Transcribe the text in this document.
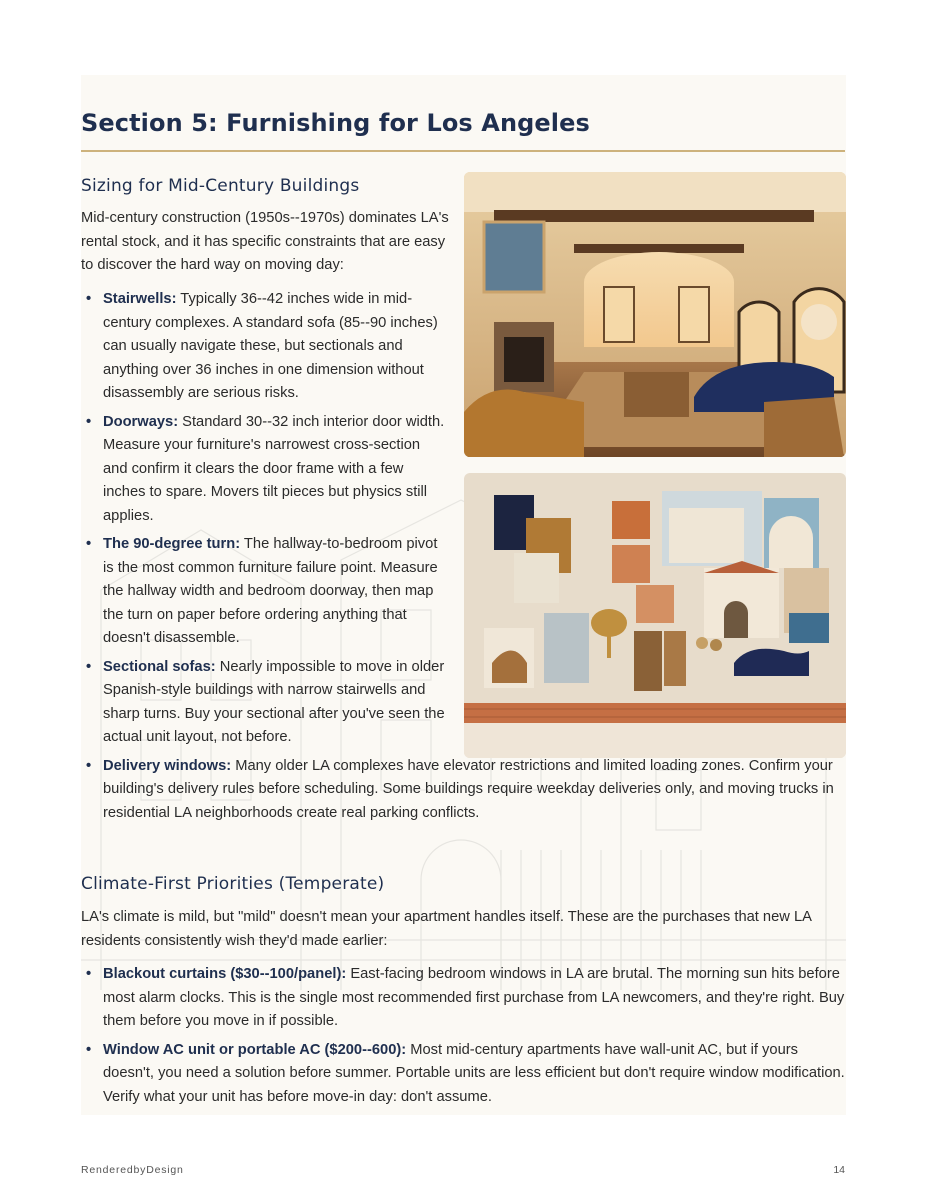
Section 5: Furnishing for Los Angeles
Sizing for Mid-Century Buildings

Mid-century construction (1950s--1970s) dominates LA's rental stock, and it has specific constraints that are easy to discover the hard way on moving day:

• Stairwells: Typically 36--42 inches wide in mid-century complexes. A standard sofa (85--90 inches) can usually navigate these, but sectionals and anything over 36 inches in one dimension without disassembly are serious risks.
• Doorways: Standard 30--32 inch interior door width. Measure your furniture's narrowest cross-section and confirm it clears the door frame with a few inches to spare. Movers tilt pieces but physics still applies.
• The 90-degree turn: The hallway-to-bedroom pivot is the most common furniture failure point. Measure the hallway width and bedroom doorway, then map the turn on paper before ordering anything that doesn't disassemble.
• Sectional sofas: Nearly impossible to move in older Spanish-style buildings with narrow stairwells and sharp turns. Buy your sectional after you've seen the actual unit layout, not before.
• Delivery windows: Many older LA complexes have elevator restrictions and limited loading zones. Confirm your building's delivery rules before scheduling. Some buildings require weekday deliveries only, and moving trucks in residential LA neighborhoods create real parking conflicts.
Climate-First Priorities (Temperate)

LA's climate is mild, but "mild" doesn't mean your apartment handles itself. These are the purchases that new LA residents consistently wish they'd made earlier:

• Blackout curtains ($30--100/panel): East-facing bedroom windows in LA are brutal. The morning sun hits before most alarm clocks. This is the single most recommended first purchase from LA newcomers, and they're right. Buy them before you move in if possible.
• Window AC unit or portable AC ($200--600): Most mid-century apartments have wall-unit AC, but if yours doesn't, you need a solution before summer. Portable units are less efficient but don't require window modification. Verify what your unit has before move-in day: don't assume.
RenderedbyDesign	14
